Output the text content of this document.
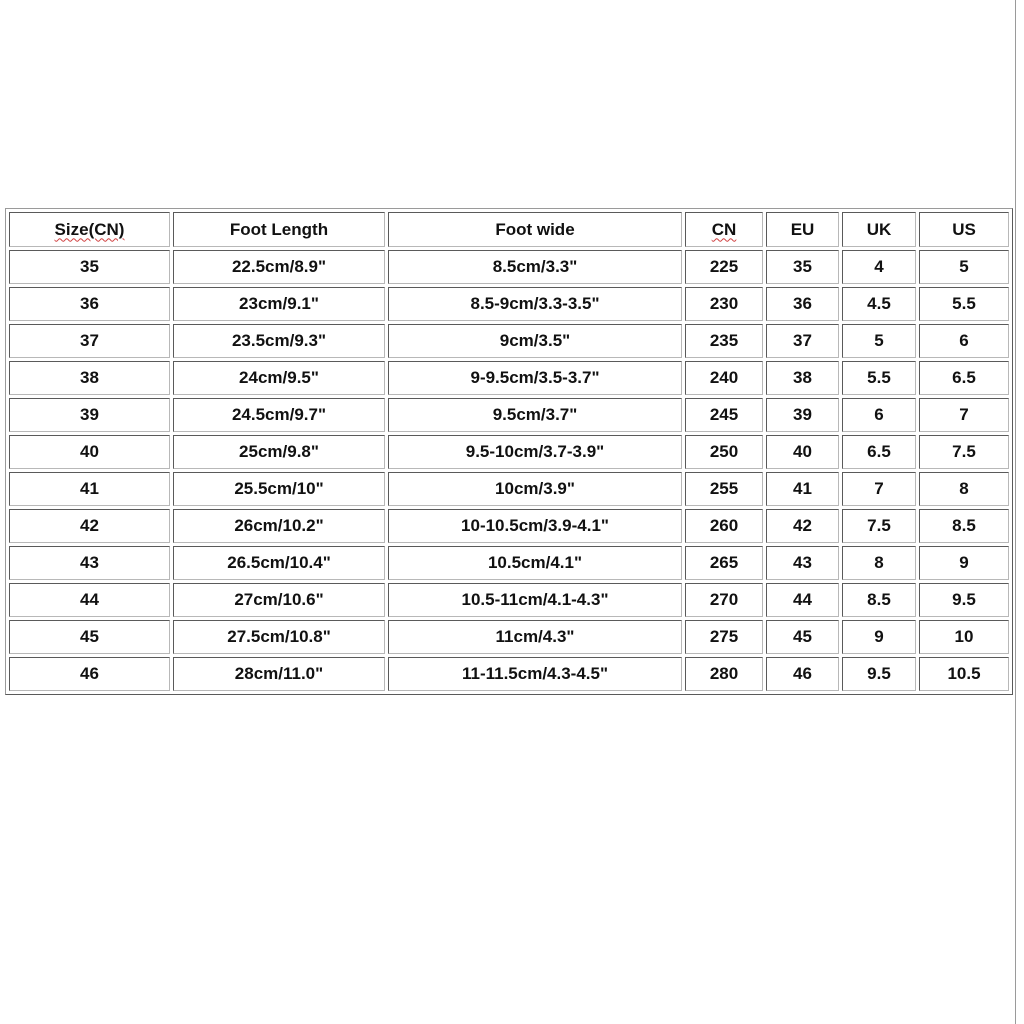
Size(CN)	Foot Length	Foot wide	CN	EU	UK	US
35	22.5cm/8.9"	8.5cm/3.3"	225	35	4	5
36	23cm/9.1"	8.5-9cm/3.3-3.5"	230	36	4.5	5.5
37	23.5cm/9.3"	9cm/3.5"	235	37	5	6
38	24cm/9.5"	9-9.5cm/3.5-3.7"	240	38	5.5	6.5
39	24.5cm/9.7"	9.5cm/3.7"	245	39	6	7
40	25cm/9.8"	9.5-10cm/3.7-3.9"	250	40	6.5	7.5
41	25.5cm/10"	10cm/3.9"	255	41	7	8
42	26cm/10.2"	10-10.5cm/3.9-4.1"	260	42	7.5	8.5
43	26.5cm/10.4"	10.5cm/4.1"	265	43	8	9
44	27cm/10.6"	10.5-11cm/4.1-4.3"	270	44	8.5	9.5
45	27.5cm/10.8"	11cm/4.3"	275	45	9	10
46	28cm/11.0"	11-11.5cm/4.3-4.5"	280	46	9.5	10.5
